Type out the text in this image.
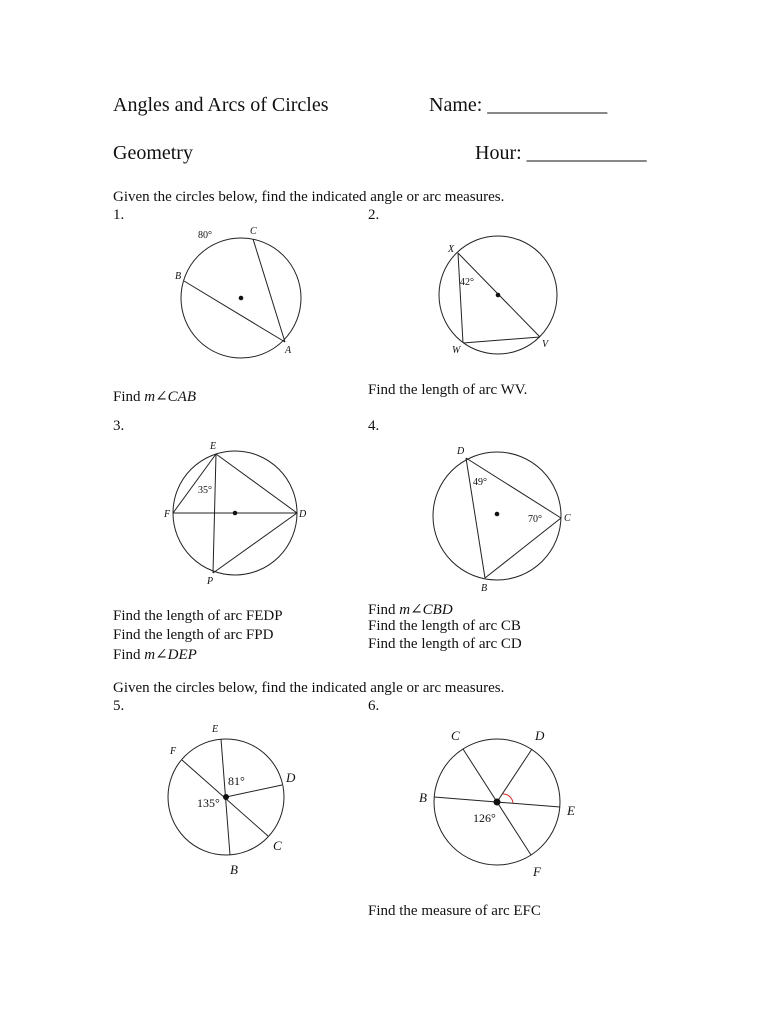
Angles and Arcs of Circles	Name: ____________
Geometry	Hour: ____________
Given the circles below, find the indicated angle or arc measures.
1.
80°	C
B
A
Find m∠CAB
2.
X
42°
W
V
Find the length of arc WV.
3.
E
35°
F	D
P
Find the length of arc FEDP
Find the length of arc FPD
Find m∠DEP
4.
D
49°
70° C
B
Find m∠CBD
Find the length of arc CB
Find the length of arc CD
Given the circles below, find the indicated angle or arc measures.
5.
E
F
81°	D
135°
C
B
6.
C	D
B
E
126°
F
Find the measure of arc EFC
